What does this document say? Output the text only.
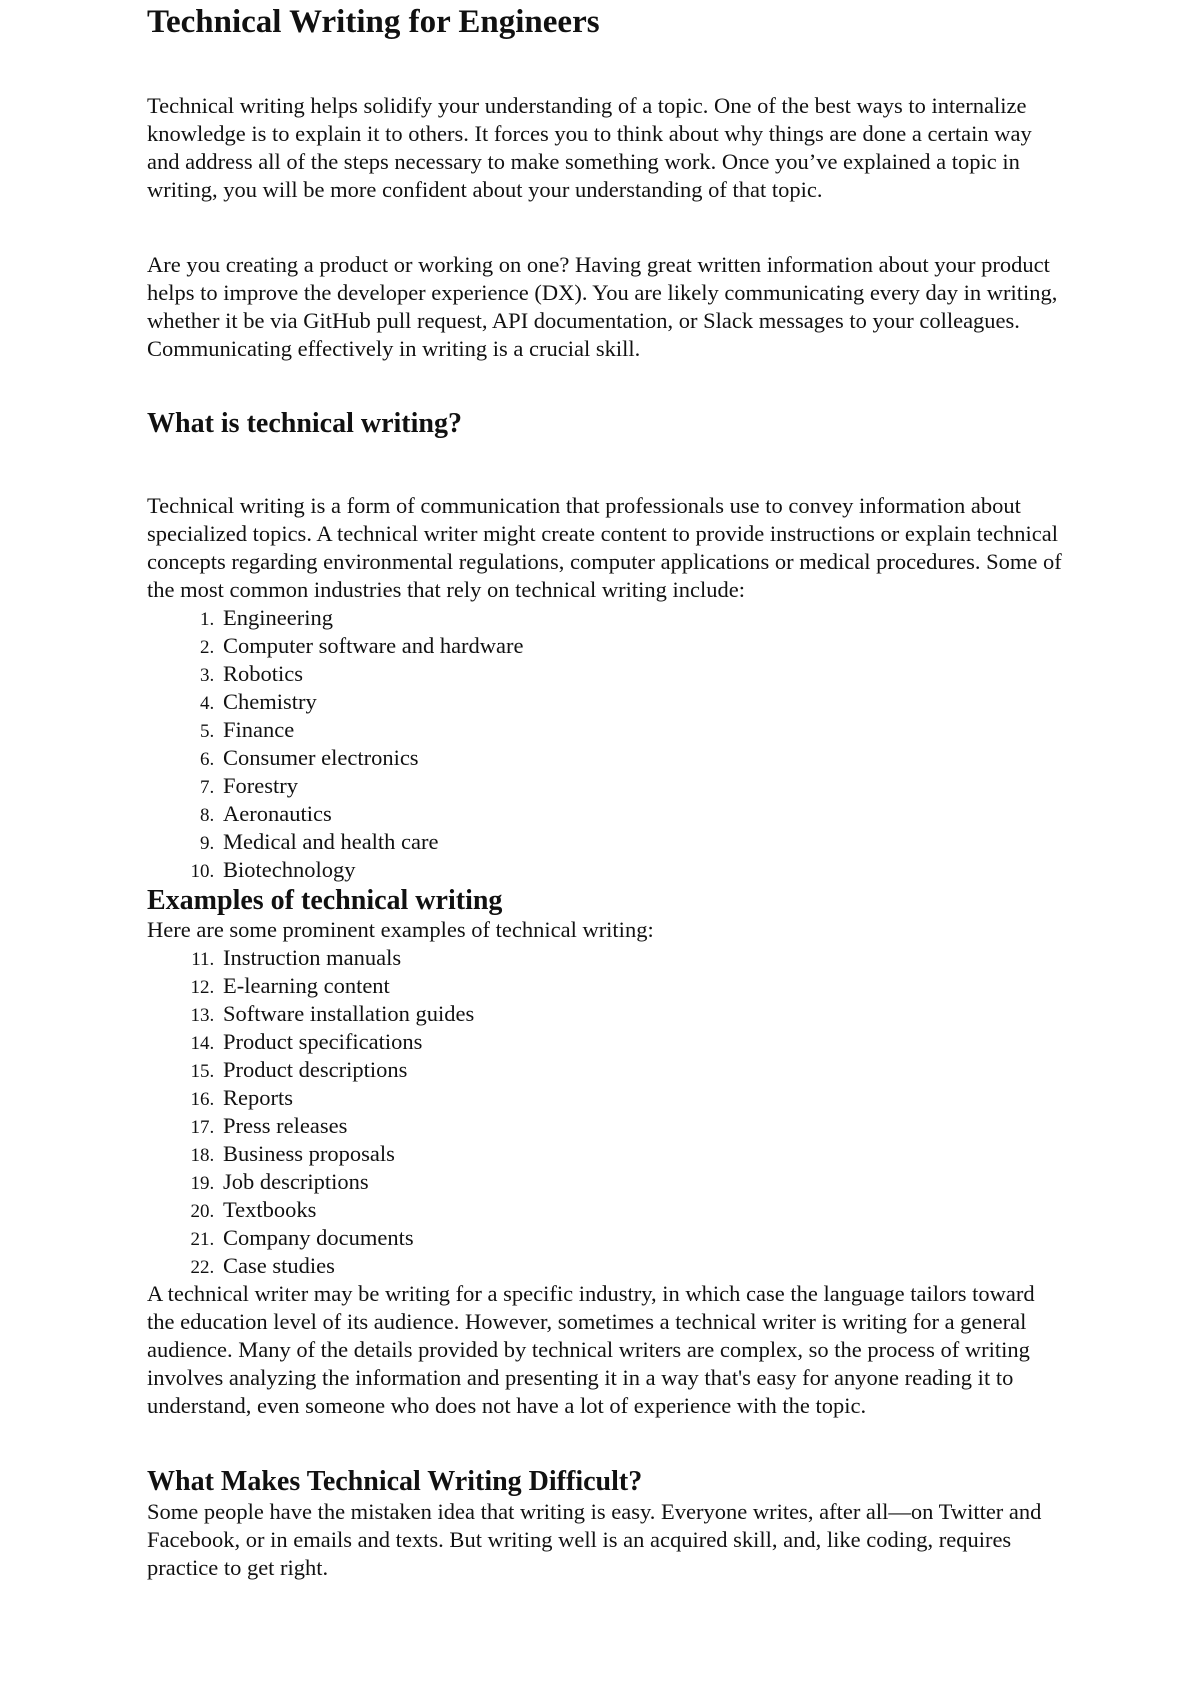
Technical Writing for Engineers

Technical writing helps solidify your understanding of a topic. One of the best ways to internalize knowledge is to explain it to others. It forces you to think about why things are done a certain way and address all of the steps necessary to make something work. Once you’ve explained a topic in writing, you will be more confident about your understanding of that topic.

Are you creating a product or working on one? Having great written information about your product helps to improve the developer experience (DX). You are likely communicating every day in writing, whether it be via GitHub pull request, API documentation, or Slack messages to your colleagues. Communicating effectively in writing is a crucial skill.

What is technical writing?

Technical writing is a form of communication that professionals use to convey information about specialized topics. A technical writer might create content to provide instructions or explain technical concepts regarding environmental regulations, computer applications or medical procedures. Some of the most common industries that rely on technical writing include:

1. Engineering
2. Computer software and hardware
3. Robotics
4. Chemistry
5. Finance
6. Consumer electronics
7. Forestry
8. Aeronautics
9. Medical and health care
10. Biotechnology
Examples of technical writing

Here are some prominent examples of technical writing:

11. Instruction manuals
12. E-learning content
13. Software installation guides
14. Product specifications
15. Product descriptions
16. Reports
17. Press releases
18. Business proposals
19. Job descriptions
20. Textbooks
21. Company documents
22. Case studies

A technical writer may be writing for a specific industry, in which case the language tailors toward the education level of its audience. However, sometimes a technical writer is writing for a general audience. Many of the details provided by technical writers are complex, so the process of writing involves analyzing the information and presenting it in a way that's easy for anyone reading it to understand, even someone who does not have a lot of experience with the topic.

What Makes Technical Writing Difficult?

Some people have the mistaken idea that writing is easy. Everyone writes, after all—on Twitter and Facebook, or in emails and texts. But writing well is an acquired skill, and, like coding, requires practice to get right.
